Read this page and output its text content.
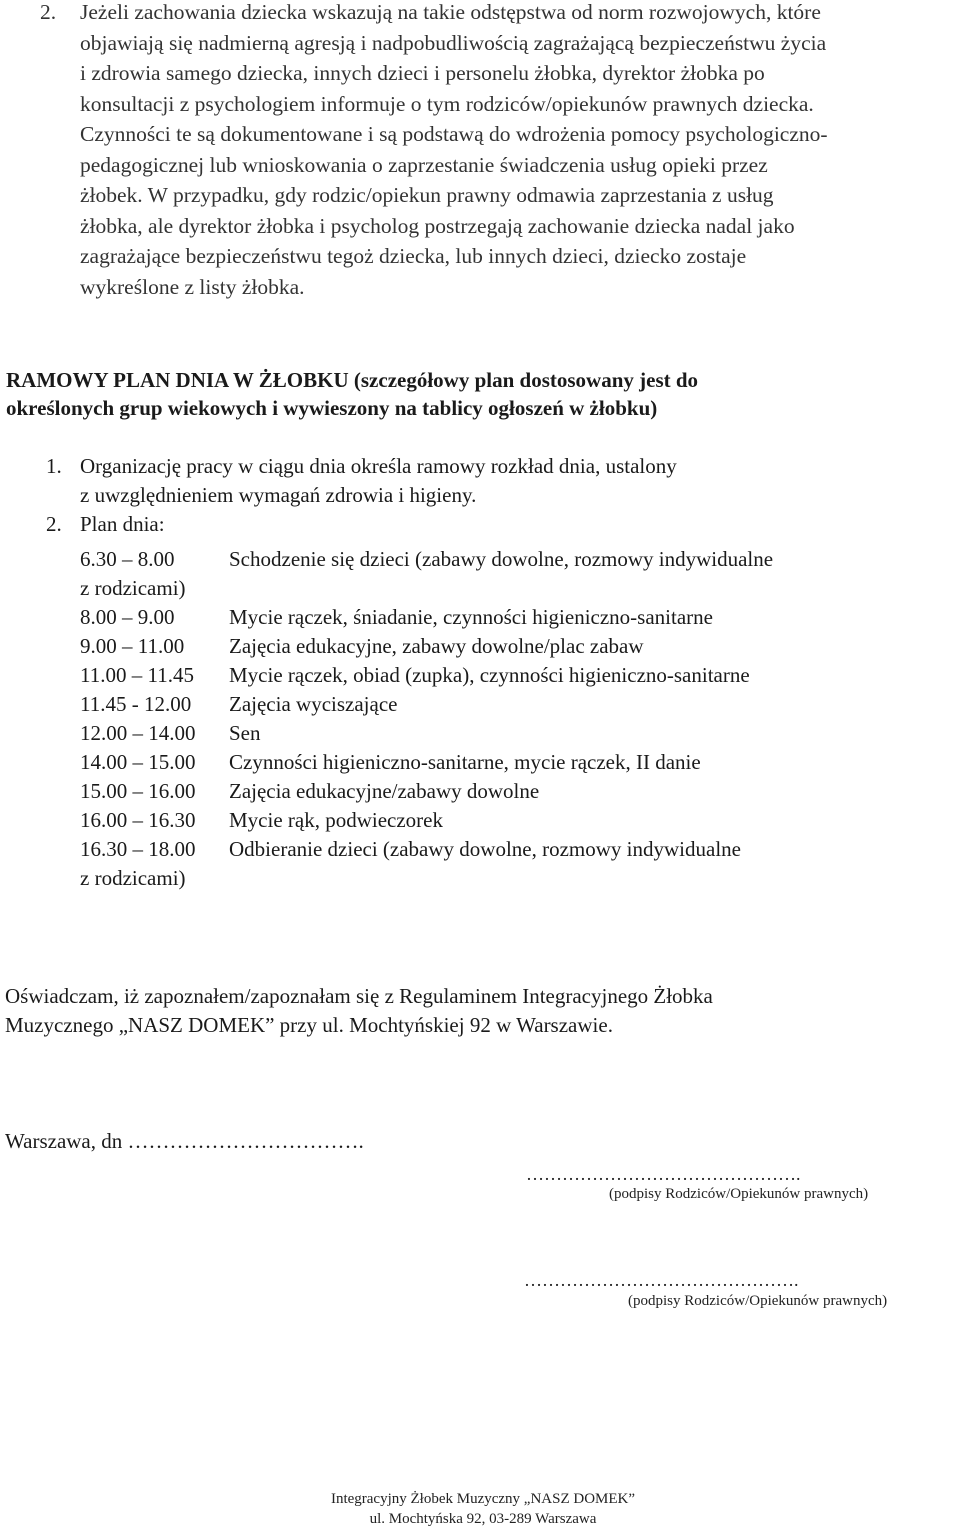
2.	Jeżeli zachowania dziecka wskazują na takie odstępstwa od norm rozwojowych, które
objawiają się nadmierną agresją i nadpobudliwością zagrażającą bezpieczeństwu życia
i zdrowia samego dziecka, innych dzieci i personelu żłobka, dyrektor żłobka po
konsultacji z psychologiem informuje o tym rodziców/opiekunów prawnych dziecka.
Czynności te są dokumentowane i są podstawą do wdrożenia pomocy psychologiczno-
pedagogicznej lub wnioskowania o zaprzestanie świadczenia usług opieki przez
żłobek. W przypadku, gdy rodzic/opiekun prawny odmawia zaprzestania z usług
żłobka, ale dyrektor żłobka i psycholog postrzegają zachowanie dziecka nadal jako
zagrażające bezpieczeństwu tegoż dziecka, lub innych dzieci, dziecko zostaje
wykreślone z listy żłobka.
RAMOWY PLAN DNIA W ŻŁOBKU (szczegółowy plan dostosowany jest do
określonych grup wiekowych i wywieszony na tablicy ogłoszeń w żłobku)
1. Organizację pracy w ciągu dnia określa ramowy rozkład dnia, ustalony
z uwzględnieniem wymagań zdrowia i higieny.
2. Plan dnia:
6.30 – 8.00	Schodzenie się dzieci (zabawy dowolne, rozmowy indywidualne
z rodzicami)
8.00 – 9.00	Mycie rączek, śniadanie, czynności higieniczno-sanitarne
9.00 – 11.00 Zajęcia edukacyjne, zabawy dowolne/plac zabaw
11.00 – 11.45 Mycie rączek, obiad (zupka), czynności higieniczno-sanitarne
11.45 - 12.00 Zajęcia wyciszające
12.00 – 14.00 Sen
14.00 – 15.00 Czynności higieniczno-sanitarne, mycie rączek, II danie
15.00 – 16.00 Zajęcia edukacyjne/zabawy dowolne
16.00 – 16.30 Mycie rąk, podwieczorek
16.30 – 18.00 Odbieranie dzieci (zabawy dowolne, rozmowy indywidualne
z rodzicami)
Oświadczam, iż zapoznałem/zapoznałam się z Regulaminem Integracyjnego Żłobka
Muzycznego „NASZ DOMEK” przy ul. Mochtyńskiej 92 w Warszawie.
Warszawa, dn …………………………….
……………………………………….
(podpisy Rodziców/Opiekunów prawnych)
……………………………………….
(podpisy Rodziców/Opiekunów prawnych)
Integracyjny Żłobek Muzyczny „NASZ DOMEK”
ul. Mochtyńska 92, 03-289 Warszawa
